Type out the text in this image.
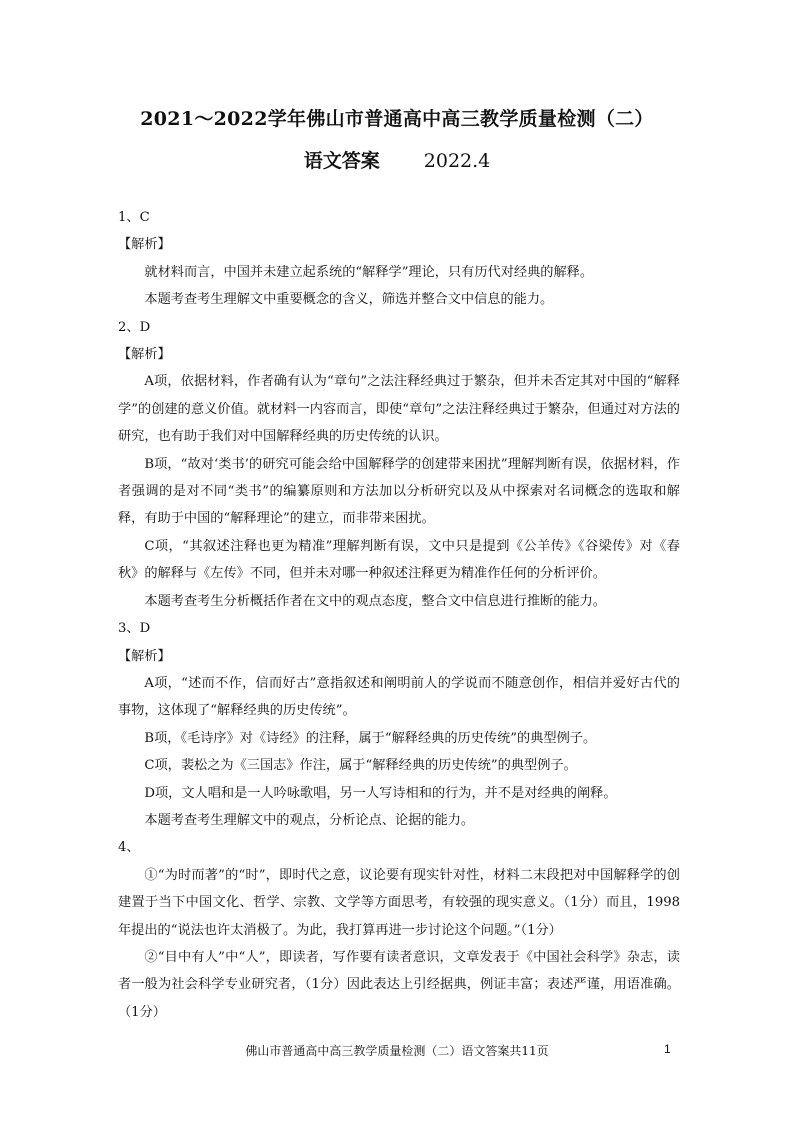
2021～2022学年佛山市普通高中高三教学质量检测（二）
语文答案 2022.4
1、C
【解析】

就材料而言，中国并未建立起系统的“解释学”理论，只有历代对经典的解释。

本题考查考生理解文中重要概念的含义，筛选并整合文中信息的能力。

2、D
【解析】

A项，依据材料，作者确有认为“章句”之法注释经典过于繁杂，但并未否定其对中国的“解释学”的创建的意义价值。就材料一内容而言，即使“章句”之法注释经典过于繁杂，但通过对方法的研究，也有助于我们对中国解释经典的历史传统的认识。

B项，“故对‘类书’的研究可能会给中国解释学的创建带来困扰”理解判断有误，依据材料，作者强调的是对不同“类书”的编纂原则和方法加以分析研究以及从中探索对名词概念的选取和解释，有助于中国的“解释理论”的建立，而非带来困扰。

C项，“其叙述注释也更为精准”理解判断有误，文中只是提到《公羊传》《谷梁传》对《春秋》的解释与《左传》不同，但并未对哪一种叙述注释更为精准作任何的分析评价。

本题考查考生分析概括作者在文中的观点态度，整合文中信息进行推断的能力。

3、D
【解析】

A项，“述而不作，信而好古”意指叙述和阐明前人的学说而不随意创作，相信并爱好古代的事物，这体现了“解释经典的历史传统”。

B项，《毛诗序》对《诗经》的注释，属于“解释经典的历史传统”的典型例子。

C项，裴松之为《三国志》作注，属于“解释经典的历史传统”的典型例子。

D项，文人唱和是一人吟咏歌唱，另一人写诗相和的行为，并不是对经典的阐释。

本题考查考生理解文中的观点，分析论点、论据的能力。

4、

①“为时而著”的“时”，即时代之意，议论要有现实针对性，材料二末段把对中国解释学的创建置于当下中国文化、哲学、宗教、文学等方面思考，有较强的现实意义。（1分）而且，1998年提出的“说法也许太消极了。为此，我打算再进一步讨论这个问题。”（1分）

②“目中有人”中“人”，即读者，写作要有读者意识，文章发表于《中国社会科学》杂志，读者一般为社会科学专业研究者，（1分）因此表达上引经据典，例证丰富；表述严谨，用语准确。（1分）

佛山市普通高中高三教学质量检测（二）语文答案共11页	1
